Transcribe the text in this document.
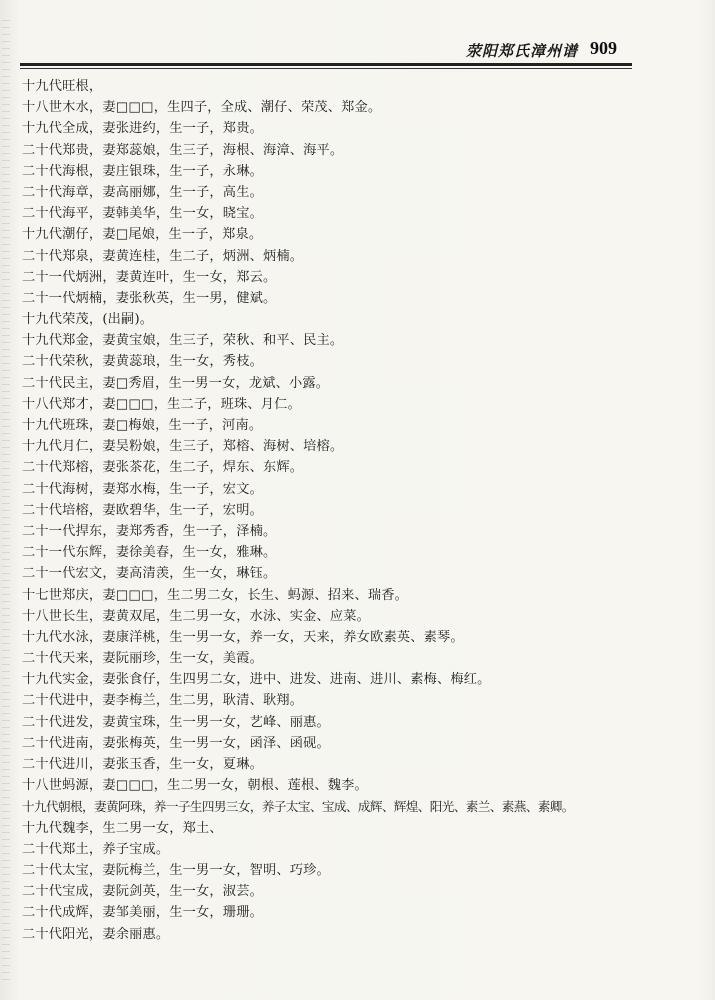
荥阳郑氏漳州谱 909
十九代旺根，
十八世木水，妻□□□，生四子，全成、潮仔、荣茂、郑金。
十九代全成，妻张进约，生一子，郑贵。
二十代郑贵，妻郑蕊娘，生三子，海根、海漳、海平。
二十代海根，妻庄银珠，生一子，永琳。
二十代海章，妻高丽娜，生一子，高生。
二十代海平，妻韩美华，生一女，晓宝。
十九代潮仔，妻□尾娘，生一子，郑泉。
二十代郑泉，妻黄连桂，生二子，炳洲、炳楠。
二十一代炳洲，妻黄连叶，生一女，郑云。
二十一代炳楠，妻张秋英，生一男，健斌。
十九代荣茂，(出嗣)。
十九代郑金，妻黄宝娘，生三子，荣秋、和平、民主。
二十代荣秋，妻黄蕊琅，生一女，秀枝。
二十代民主，妻□秀眉，生一男一女，龙斌、小露。
十八代郑才，妻□□□，生二子，班珠、月仁。
十九代班珠，妻□梅娘，生一子，河南。
十九代月仁，妻吴粉娘，生三子，郑榕、海树、培榕。
二十代郑榕，妻张茶花，生二子，焊东、东辉。
二十代海树，妻郑水梅，生一子，宏文。
二十代培榕，妻欧碧华，生一子，宏明。
二十一代捍东，妻郑秀香，生一子，泽楠。
二十一代东辉，妻徐美春，生一女，雅琳。
二十一代宏文，妻高清羡，生一女，琳钰。
十七世郑庆，妻□□□，生二男二女，长生、蚂源、招来、瑞香。
十八世长生，妻黄双尾，生二男一女，水泳、实金、应菜。
十九代水泳，妻康洋桃，生一男一女，养一女，天来，养女欧素英、素琴。
二十代天来，妻阮丽珍，生一女，美霞。
十九代实金，妻张食仔，生四男二女，进中、进发、进南、进川、素梅、梅红。
二十代进中，妻李梅兰，生二男，耿清、耿翔。
二十代进发，妻黄宝珠，生一男一女，艺峰、丽惠。
二十代进南，妻张梅英，生一男一女，函泽、函砚。
二十代进川，妻张玉香，生一女，夏琳。
十八世蚂源，妻□□□，生二男一女，朝根、莲根、魏李。
十九代朝根，妻黄阿珠，养一子生四男三女，养子太宝、宝成、成辉、辉煌、阳光、素兰、素燕、素卿。
十九代魏李，生二男一女，郑土、
二十代郑土，养子宝成。
二十代太宝，妻阮梅兰，生一男一女，智明、巧珍。
二十代宝成，妻阮剑英，生一女，淑芸。
二十代成辉，妻邹美丽，生一女，珊珊。
二十代阳光，妻余丽惠。
